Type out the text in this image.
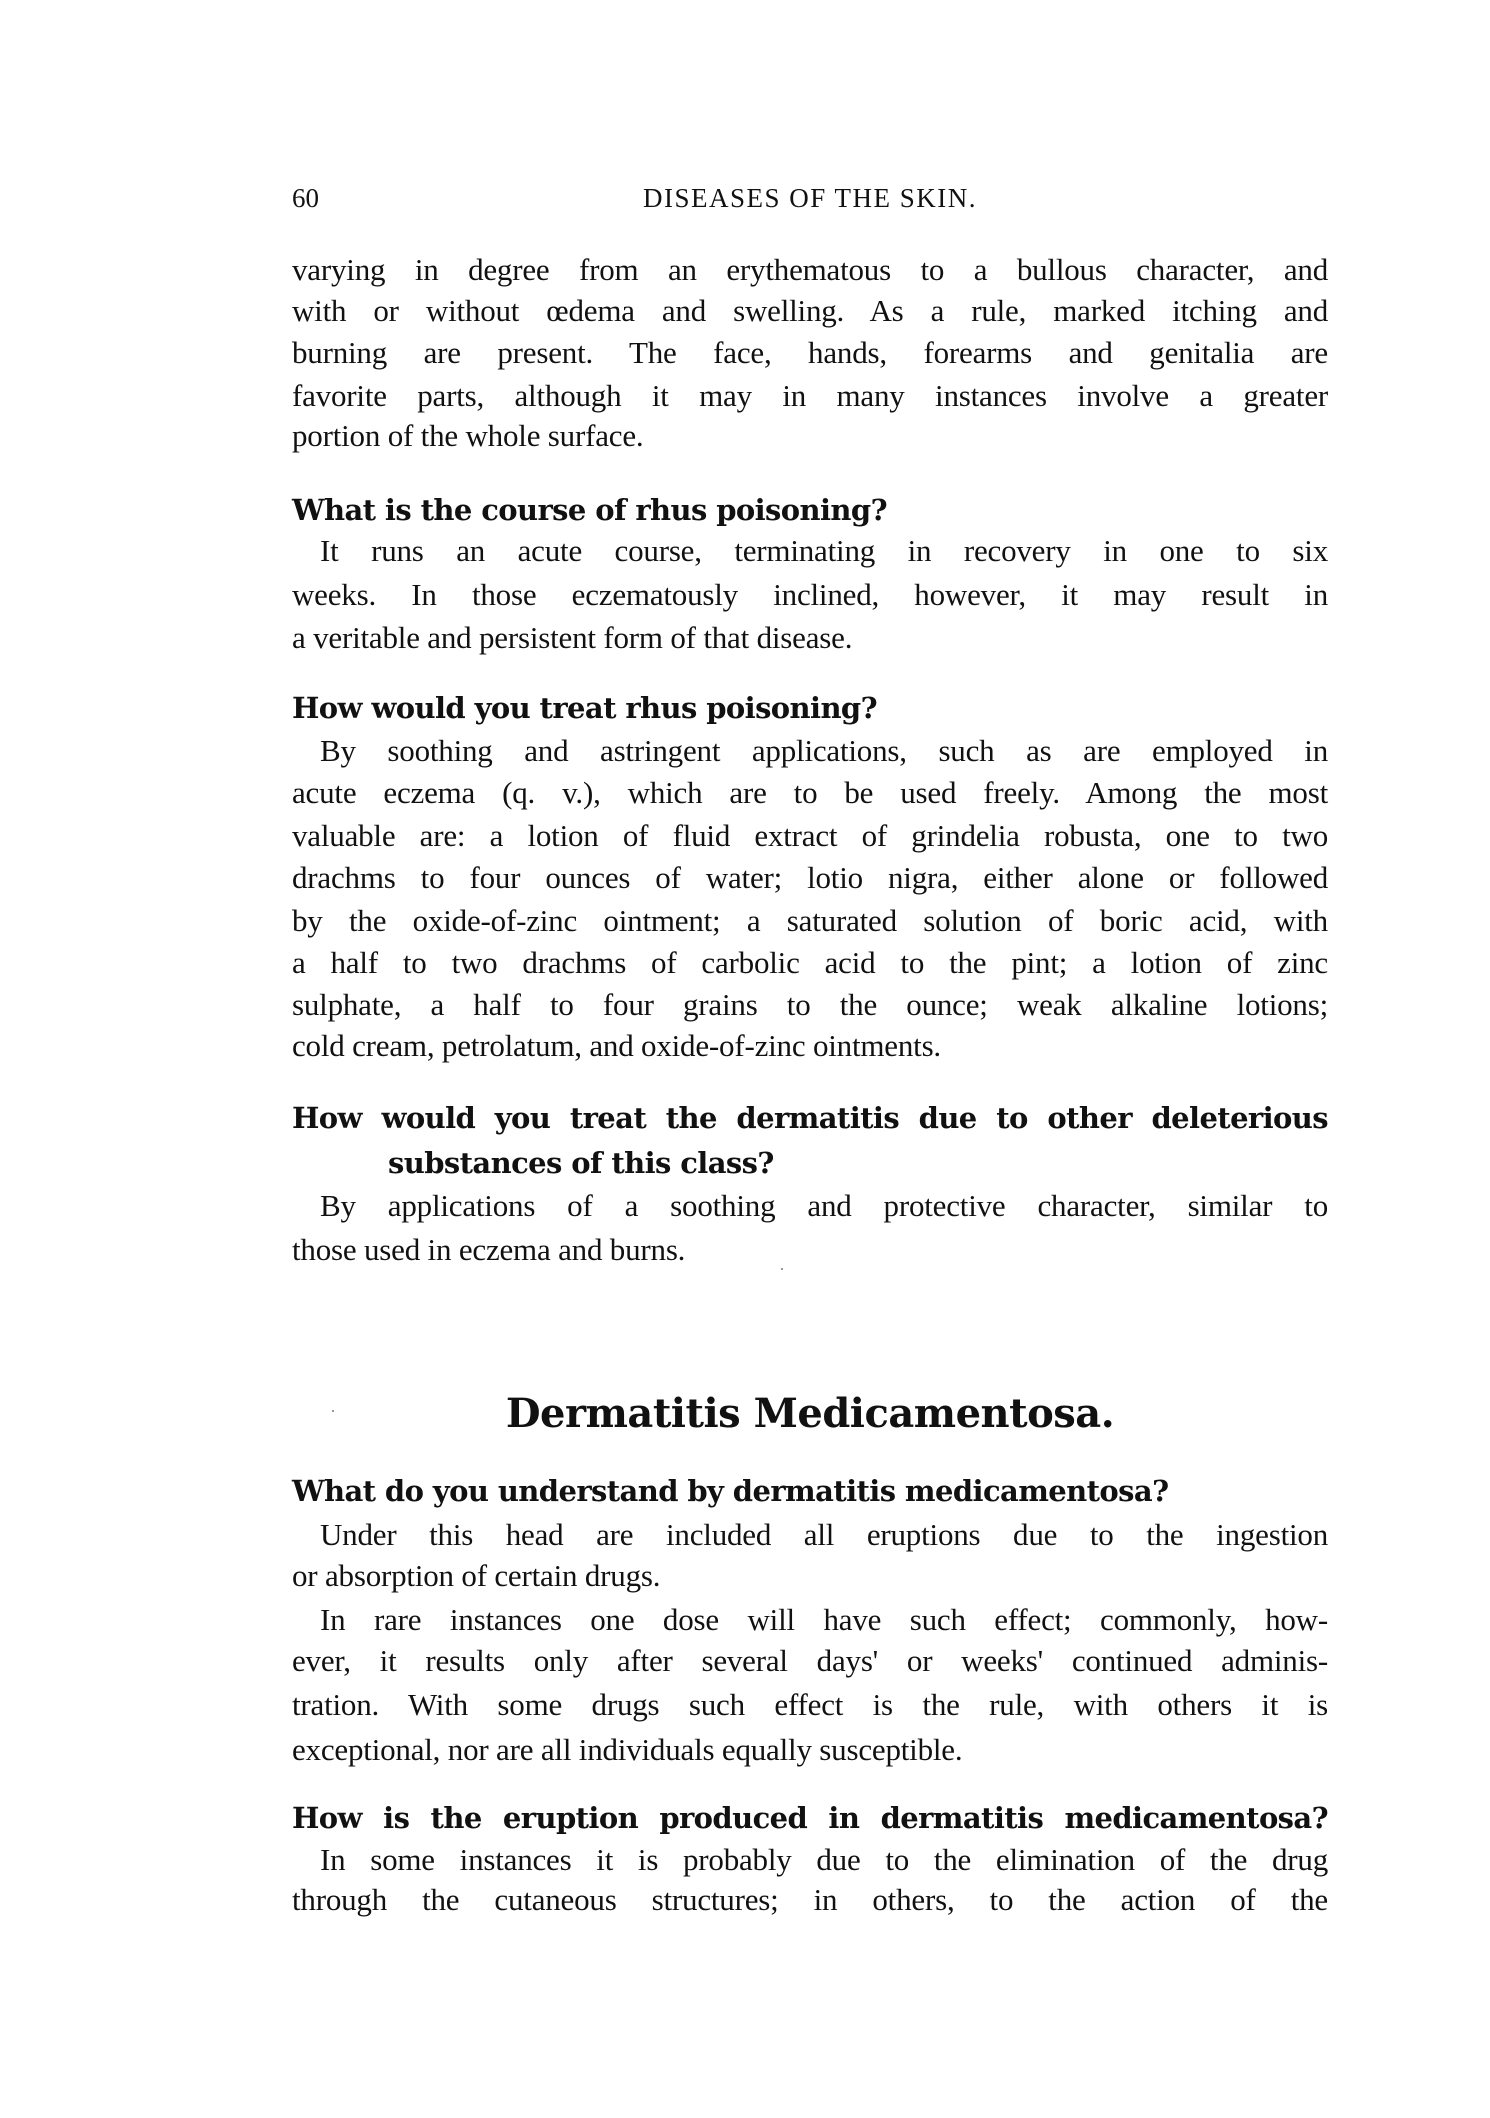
60	DISEASES OF THE SKIN.
varying in degree from an erythematous to a bullous character, and
with or without œdema and swelling. As a rule, marked itching and
burning are present. The face, hands, forearms and genitalia are
favorite parts, although it may in many instances involve a greater
portion of the whole surface.
What is the course of rhus poisoning?
It runs an acute course, terminating in recovery in one to six
weeks. In those eczematously inclined, however, it may result in
a veritable and persistent form of that disease.
How would you treat rhus poisoning?
By soothing and astringent applications, such as are employed in
acute eczema (q. v.), which are to be used freely. Among the most
valuable are: a lotion of fluid extract of grindelia robusta, one to two
drachms to four ounces of water; lotio nigra, either alone or followed
by the oxide-of-zinc ointment; a saturated solution of boric acid, with
a half to two drachms of carbolic acid to the pint; a lotion of zinc
sulphate, a half to four grains to the ounce; weak alkaline lotions;
cold cream, petrolatum, and oxide-of-zinc ointments.
How would you treat the dermatitis due to other deleterious
substances of this class?
By applications of a soothing and protective character, similar to
those used in eczema and burns.
Dermatitis Medicamentosa.
What do you understand by dermatitis medicamentosa?
Under this head are included all eruptions due to the ingestion
or absorption of certain drugs.
In rare instances one dose will have such effect; commonly, how-
ever, it results only after several days' or weeks' continued adminis-
tration. With some drugs such effect is the rule, with others it is
exceptional, nor are all individuals equally susceptible.
How is the eruption produced in dermatitis medicamentosa?
In some instances it is probably due to the elimination of the drug
through the cutaneous structures; in others, to the action of the
